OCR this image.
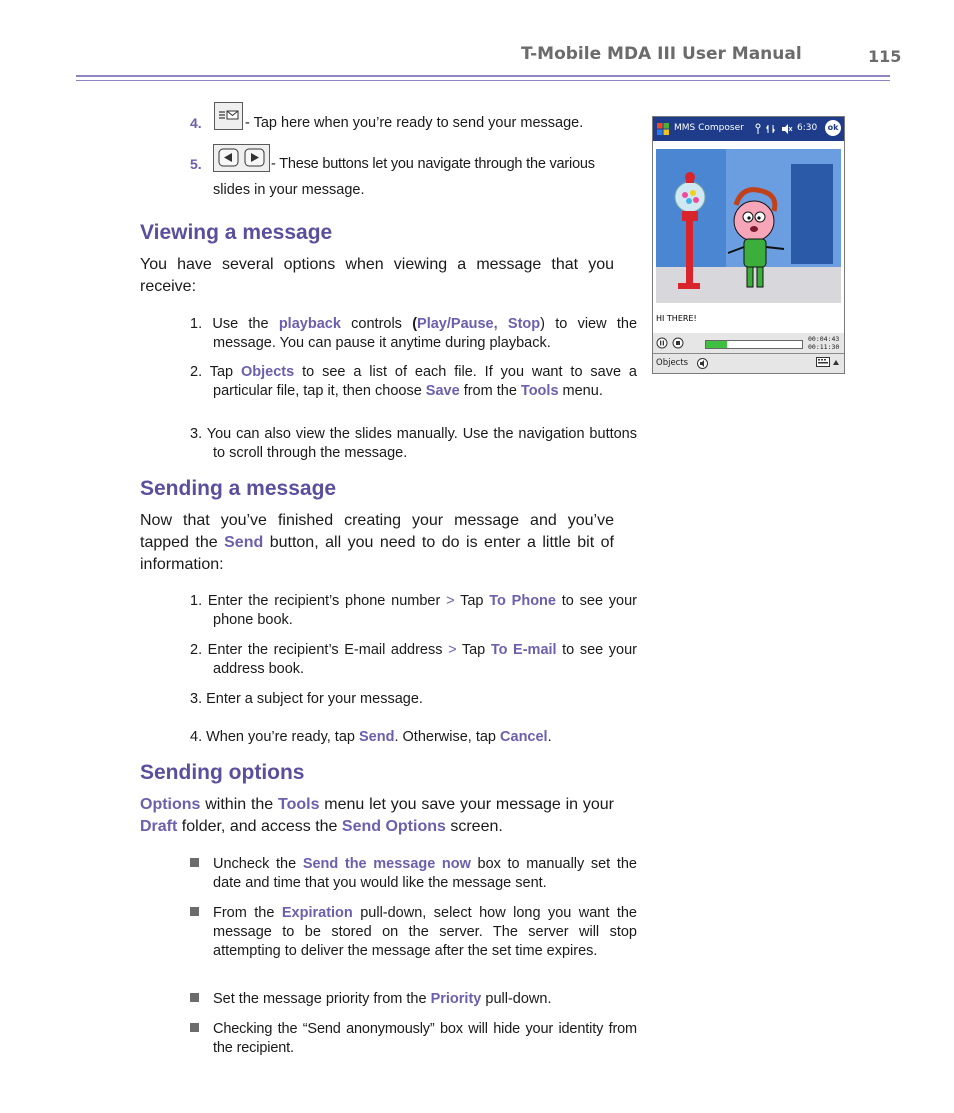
T-Mobile MDA III User Manual	115
4.	- Tap here when you’re ready to send your message.
5.	- These buttons let you navigate through the various
slides in your message.
Viewing a message
You have several options when viewing a message that you receive:
1. Use the playback controls (Play/Pause, Stop) to view the message. You can pause it anytime during playback.
2. Tap Objects to see a list of each file. If you want to save a particular file, tap it, then choose Save from the Tools menu.
3. You can also view the slides manually. Use the navigation buttons to scroll through the message.
Sending a message
Now that you’ve finished creating your message and you’ve tapped the Send button, all you need to do is enter a little bit of information:
1. Enter the recipient’s phone number > Tap To Phone to see your phone book.
2. Enter the recipient’s E-mail address > Tap To E-mail to see your address book.
3. Enter a subject for your message.
4. When you’re ready, tap Send. Otherwise, tap Cancel.
Sending options
Options within the Tools menu let you save your message in your Draft folder, and access the Send Options screen.
Uncheck the Send the message now box to manually set the date and time that you would like the message sent.
From the Expiration pull-down, select how long you want the message to be stored on the server. The server will stop attempting to deliver the message after the set time expires.
Set the message priority from the Priority pull-down.
Checking the “Send anonymously” box will hide your identity from the recipient.
MMS Composer	6:30	ok
HI THERE!
00:04:43
00:11:30
Objects
